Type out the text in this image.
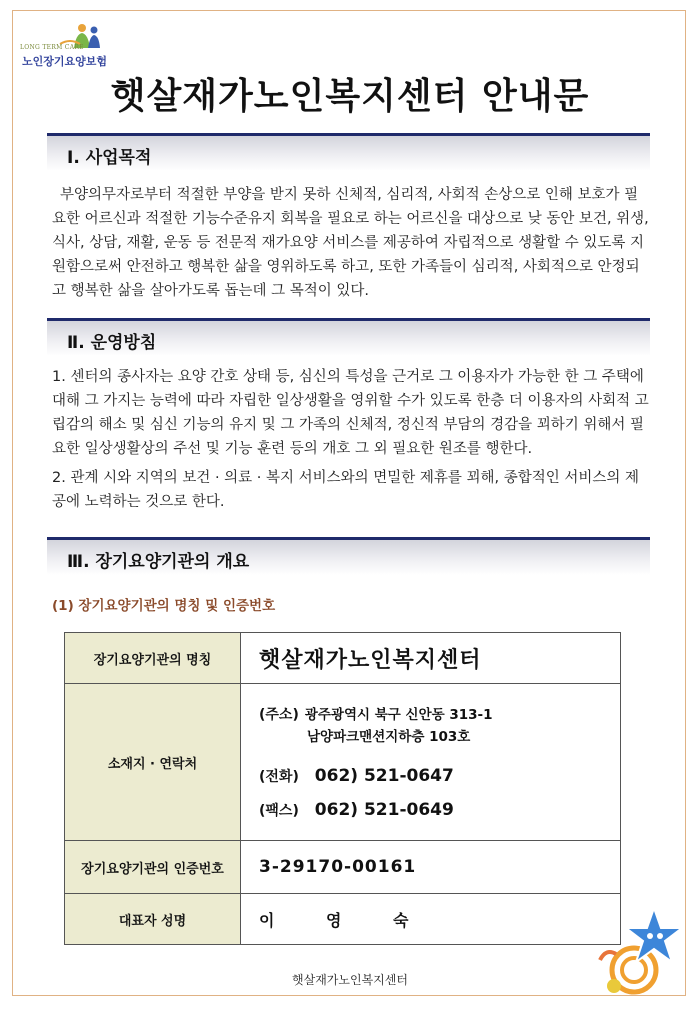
LONG TERM CARE
노인장기요양보험
햇살재가노인복지센터 안내문
Ⅰ. 사업목적
부양의무자로부터 적절한 부양을 받지 못하 신체적, 심리적, 사회적 손상으로 인해 보호가 필요한 어르신과 적절한 기능수준유지 회복을 필요로 하는 어르신을 대상으로 낮 동안 보건, 위생, 식사, 상담, 재활, 운동 등 전문적 재가요양 서비스를 제공하여 자립적으로 생활할 수 있도록 지원함으로써 안전하고 행복한 삶을 영위하도록 하고, 또한 가족들이 심리적, 사회적으로 안정되고 행복한 삶을 살아가도록 돕는데 그 목적이 있다.
Ⅱ. 운영방침
1. 센터의 종사자는 요양 간호 상태 등, 심신의 특성을 근거로 그 이용자가 가능한 한 그 주택에 대해 그 가지는 능력에 따라 자립한 일상생활을 영위할 수가 있도록 한층 더 이용자의 사회적 고립감의 해소 및 심신 기능의 유지 및 그 가족의 신체적, 정신적 부담의 경감을 꾀하기 위해서 필요한 일상생활상의 주선 및 기능 훈련 등의 개호 그 외 필요한 원조를 행한다.
2. 관계 시와 지역의 보건 · 의료 · 복지 서비스와의 면밀한 제휴를 꾀해, 종합적인 서비스의 제공에 노력하는 것으로 한다.
Ⅲ. 장기요양기관의 개요
(1) 장기요양기관의 명칭 및 인증번호
장기요양기관의 명칭	햇살재가노인복지센터
소재지 · 연락처	(주소) 광주광역시 북구 신안동 313-1
남양파크맨션지하층 103호
(전화) 062) 521-0647
(팩스) 062) 521-0649

장기요양기관의 인증번호	3-29170-00161
대표자 성명	이 영 숙
햇살재가노인복지센터
